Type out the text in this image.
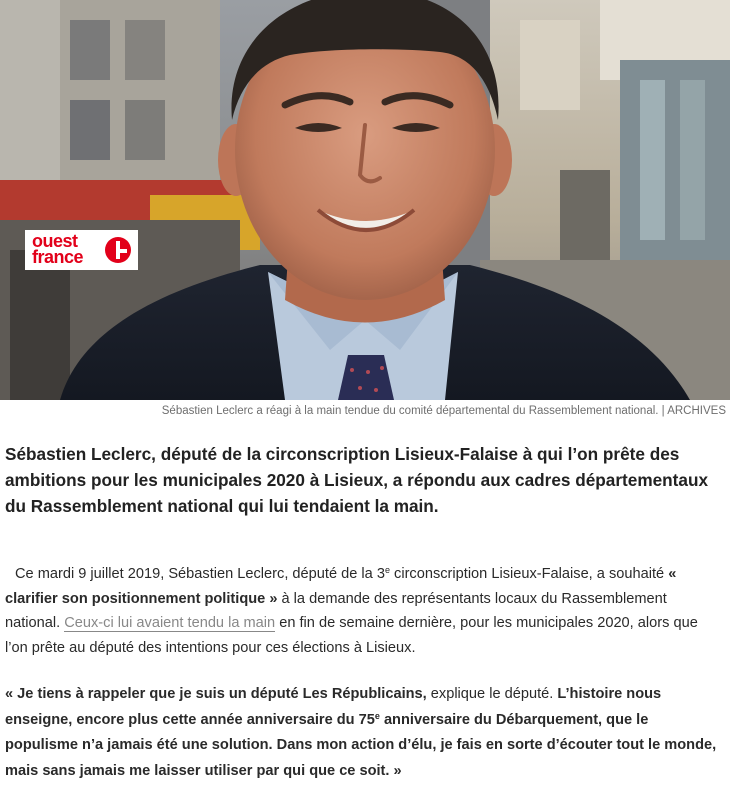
ouest
france
Sébastien Leclerc a réagi à la main tendue du comité départemental du Rassemblement national. | ARCHIVES

Sébastien Leclerc, député de la circonscription Lisieux-Falaise à qui l’on prête des ambitions pour les municipales 2020 à Lisieux, a répondu aux cadres départementaux du Rassemblement national qui lui tendaient la main.

Ce mardi 9 juillet 2019, Sébastien Leclerc, député de la 3e circonscription Lisieux-Falaise, a souhaité « clarifier son positionnement politique » à la demande des représentants locaux du Rassemblement national. Ceux-ci lui avaient tendu la main en fin de semaine dernière, pour les municipales 2020, alors que l’on prête au député des intentions pour ces élections à Lisieux.

« Je tiens à rappeler que je suis un député Les Républicains, explique le député. L’histoire nous enseigne, encore plus cette année anniversaire du 75e anniversaire du Débarquement, que le populisme n’a jamais été une solution. Dans mon action d’élu, je fais en sorte d’écouter tout le monde, mais sans jamais me laisser utiliser par qui que ce soit. »
